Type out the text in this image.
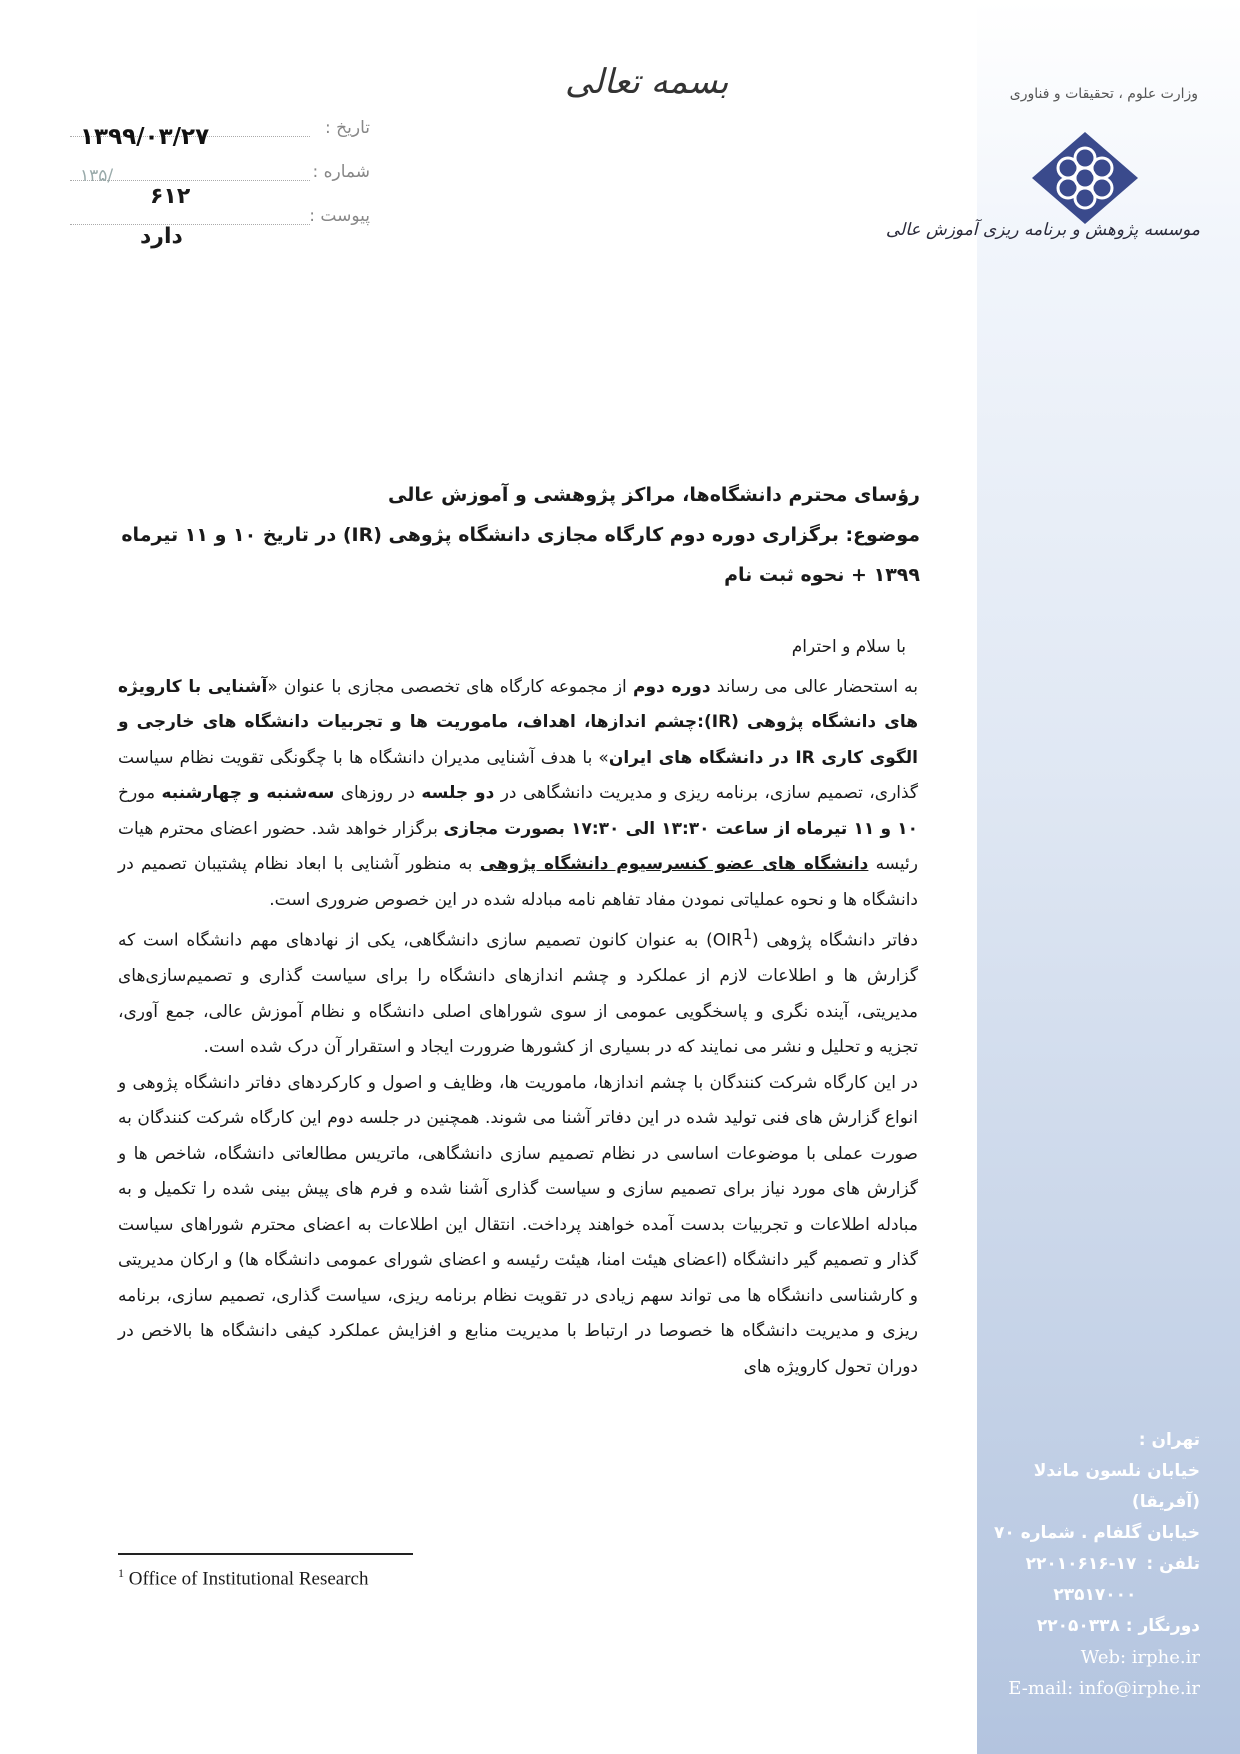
وزارت علوم ، تحقیقات و فناوری
موسسه پژوهش و برنامه ریزی آموزش عالی
بسمه تعالی
تاریخ :
۱۳۹۹/۰۳/۲۷
شماره :
۱۳۵/
۶۱۲
پیوست :
دارد
رؤسای محترم دانشگاه‌ها، مراکز پژوهشی و آموزش عالی
موضوع: برگزاری دوره دوم کارگاه مجازی دانشگاه پژوهی (IR) در تاریخ ۱۰ و ۱۱ تیرماه ۱۳۹۹ + نحوه ثبت نام

با سلام و احترام

به استحضار عالی می رساند دوره دوم از مجموعه کارگاه های تخصصی مجازی با عنوان «آشنایی با کارویژه های دانشگاه پژوهی (IR):چشم اندازها، اهداف، ماموریت ها و تجربیات دانشگاه های خارجی و الگوی کاری IR در دانشگاه های ایران» با هدف آشنایی مدیران دانشگاه ها با چگونگی تقویت نظام سیاست گذاری، تصمیم سازی، برنامه ریزی و مدیریت دانشگاهی در دو جلسه در روزهای سه‌شنبه و چهارشنبه مورخ ۱۰ و ۱۱ تیرماه از ساعت ۱۳:۳۰ الی ۱۷:۳۰ بصورت مجازی برگزار خواهد شد. حضور اعضای محترم هیات رئیسه دانشگاه های عضو کنسرسیوم دانشگاه پژوهی به منظور آشنایی با ابعاد نظام پشتیبان تصمیم در دانشگاه ها و نحوه عملیاتی نمودن مفاد تفاهم نامه مبادله شده در این خصوص ضروری است.

دفاتر دانشگاه پژوهی (OIR$^1$) به عنوان کانون تصمیم سازی دانشگاهی، یکی از نهادهای مهم دانشگاه است که گزارش ها و اطلاعات لازم از عملکرد و چشم اندازهای دانشگاه را برای سیاست گذاری و تصمیم‌سازی‌های مدیریتی، آینده نگری و پاسخگویی عمومی از سوی شوراهای اصلی دانشگاه و نظام آموزش عالی، جمع آوری، تجزیه و تحلیل و نشر می نمایند که در بسیاری از کشورها ضرورت ایجاد و استقرار آن درک شده است.

در این کارگاه شرکت کنندگان با چشم اندازها، ماموریت ها، وظایف و اصول و کارکردهای دفاتر دانشگاه پژوهی و انواع گزارش های فنی تولید شده در این دفاتر آشنا می شوند. همچنین در جلسه دوم این کارگاه شرکت کنندگان به صورت عملی با موضوعات اساسی در نظام تصمیم سازی دانشگاهی، ماتریس مطالعاتی دانشگاه، شاخص ها و گزارش های مورد نیاز برای تصمیم سازی و سیاست گذاری آشنا شده و فرم های پیش بینی شده را تکمیل و به مبادله اطلاعات و تجربیات بدست آمده خواهند پرداخت. انتقال این اطلاعات به اعضای محترم شوراهای سیاست گذار و تصمیم گیر دانشگاه (اعضای هیئت امنا، هیئت رئیسه و اعضای شورای عمومی دانشگاه ها) و ارکان مدیریتی و کارشناسی دانشگاه ها می تواند سهم زیادی در تقویت نظام برنامه ریزی، سیاست گذاری، تصمیم سازی، برنامه ریزی و مدیریت دانشگاه ها خصوصا در ارتباط با مدیریت منابع و افزایش عملکرد کیفی دانشگاه ها بالاخص در دوران تحول کارویژه های

$^1$ Office of Institutional Research
تهران :
خیابان نلسون ماندلا (آفریقا)
خیابان گلفام . شماره ۷۰
تلفن :
۲۲۰۱۰۶۱۶-۱۷
۲۳۵۱۷۰۰۰
دورنگار : ۲۲۰۵۰۳۳۸
Web: irphe.ir
E-mail: info@irphe.ir
